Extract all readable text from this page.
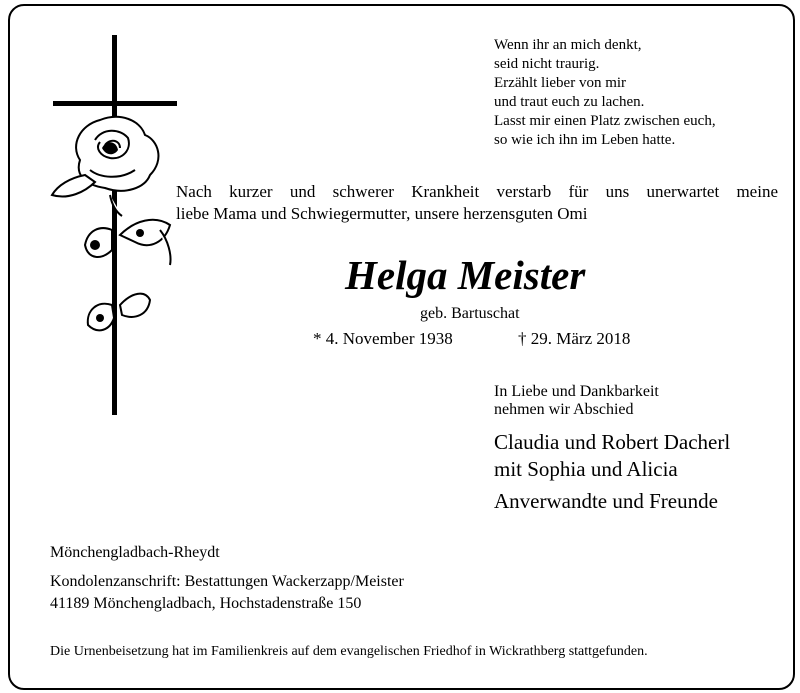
Wenn ihr an mich denkt,
seid nicht traurig.
Erzählt lieber von mir
und traut euch zu lachen.
Lasst mir einen Platz zwischen euch,
so wie ich ihn im Leben hatte.
Nach kurzer und schwerer Krankheit verstarb für uns unerwartet meine
liebe Mama und Schwiegermutter, unsere herzensguten Omi
Helga Meister
geb. Bartuschat
* 4. November 1938	† 29. März 2018
In Liebe und Dankbarkeit
nehmen wir Abschied
Claudia und Robert Dacherl
mit Sophia und Alicia
Anverwandte und Freunde
Mönchengladbach-Rheydt
Kondolenzanschrift: Bestattungen Wackerzapp/Meister
41189 Mönchengladbach, Hochstadenstraße 150
Die Urnenbeisetzung hat im Familienkreis auf dem evangelischen Friedhof in Wickrathberg stattgefunden.
